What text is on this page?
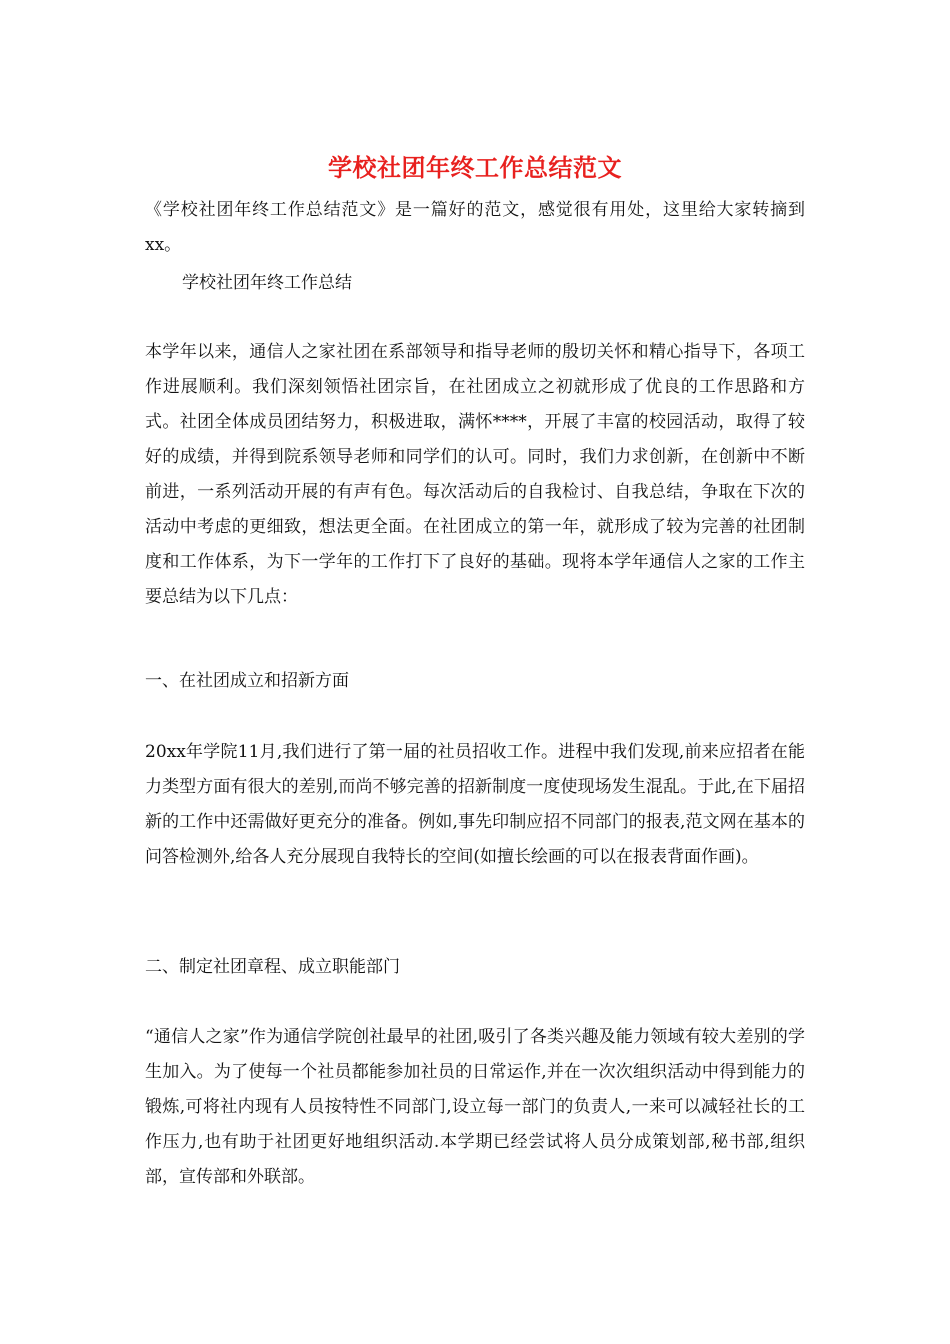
学校社团年终工作总结范文
《学校社团年终工作总结范文》是一篇好的范文，感觉很有用处，这里给大家转摘到xx。
学校社团年终工作总结
本学年以来，通信人之家社团在系部领导和指导老师的殷切关怀和精心指导下，各项工作进展顺利。我们深刻领悟社团宗旨，在社团成立之初就形成了优良的工作思路和方式。社团全体成员团结努力，积极进取，满怀****，开展了丰富的校园活动，取得了较好的成绩，并得到院系领导老师和同学们的认可。同时，我们力求创新，在创新中不断前进，一系列活动开展的有声有色。每次活动后的自我检讨、自我总结，争取在下次的活动中考虑的更细致，想法更全面。在社团成立的第一年，就形成了较为完善的社团制度和工作体系，为下一学年的工作打下了良好的基础。现将本学年通信人之家的工作主要总结为以下几点：
一、在社团成立和招新方面
20xx年学院11月,我们进行了第一届的社员招收工作。进程中我们发现,前来应招者在能力类型方面有很大的差别,而尚不够完善的招新制度一度使现场发生混乱。于此,在下届招新的工作中还需做好更充分的准备。例如,事先印制应招不同部门的报表,范文网在基本的问答检测外,给各人充分展现自我特长的空间(如擅长绘画的可以在报表背面作画)。
二、制定社团章程、成立职能部门
“通信人之家”作为通信学院创社最早的社团,吸引了各类兴趣及能力领域有较大差别的学生加入。为了使每一个社员都能参加社员的日常运作,并在一次次组织活动中得到能力的锻炼,可将社内现有人员按特性不同部门,设立每一部门的负责人,一来可以减轻社长的工作压力,也有助于社团更好地组织活动.本学期已经尝试将人员分成策划部,秘书部,组织部，宣传部和外联部。
